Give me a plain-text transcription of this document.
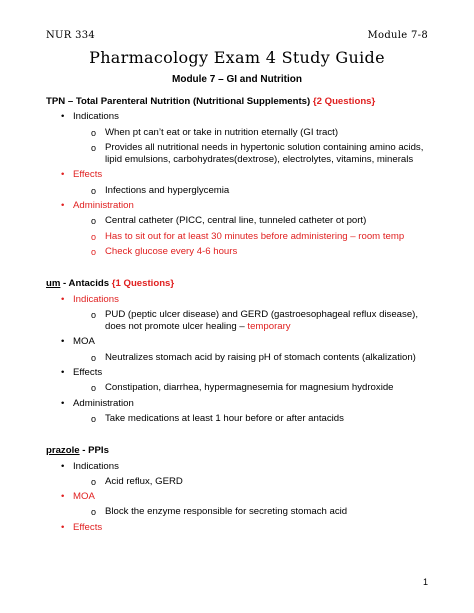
NUR 334	Module 7-8
Pharmacology Exam 4 Study Guide
Module 7 – GI and Nutrition
TPN – Total Parenteral Nutrition (Nutritional Supplements) {2 Questions}
• Indications
o When pt can’t eat or take in nutrition eternally (GI tract)
o Provides all nutritional needs in hypertonic solution containing amino acids, lipid emulsions, carbohydrates(dextrose), electrolytes, vitamins, minerals
• Effects
o Infections and hyperglycemia
• Administration
o Central catheter (PICC, central line, tunneled catheter ot port)
o Has to sit out for at least 30 minutes before administering – room temp
o Check glucose every 4-6 hours
um - Antacids {1 Questions}
• Indications
o PUD (peptic ulcer disease) and GERD (gastroesophageal reflux disease), does not promote ulcer healing – temporary
• MOA
o Neutralizes stomach acid by raising pH of stomach contents (alkalization)
• Effects
o Constipation, diarrhea, hypermagnesemia for magnesium hydroxide
• Administration
o Take medications at least 1 hour before or after antacids
prazole - PPIs
• Indications
o Acid reflux, GERD
• MOA
o Block the enzyme responsible for secreting stomach acid
• Effects
1
